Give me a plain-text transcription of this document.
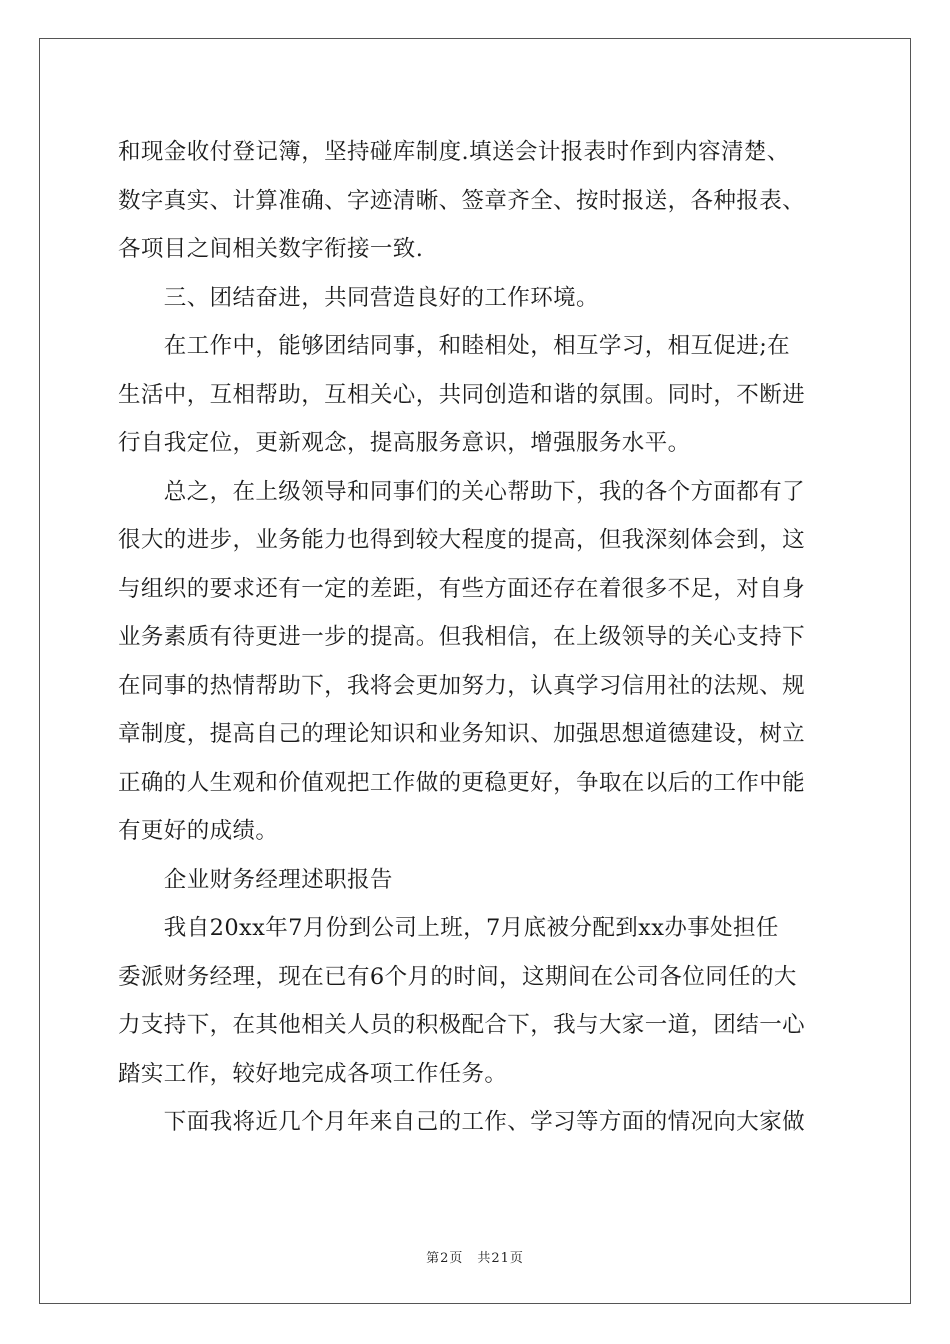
和现金收付登记簿，坚持碰库制度.填送会计报表时作到内容清楚、
数字真实、计算准确、字迹清晰、签章齐全、按时报送，各种报表、
各项目之间相关数字衔接一致.
　　三、团结奋进，共同营造良好的工作环境。
　　在工作中，能够团结同事，和睦相处，相互学习，相互促进;在
生活中，互相帮助，互相关心，共同创造和谐的氛围。同时，不断进
行自我定位，更新观念，提高服务意识，增强服务水平。
　　总之，在上级领导和同事们的关心帮助下，我的各个方面都有了
很大的进步，业务能力也得到较大程度的提高，但我深刻体会到，这
与组织的要求还有一定的差距，有些方面还存在着很多不足，对自身
业务素质有待更进一步的提高。但我相信，在上级领导的关心支持下
在同事的热情帮助下，我将会更加努力，认真学习信用社的法规、规
章制度，提高自己的理论知识和业务知识、加强思想道德建设，树立
正确的人生观和价值观把工作做的更稳更好，争取在以后的工作中能
有更好的成绩。
　　企业财务经理述职报告
　　我自20xx年7月份到公司上班，7月底被分配到xx办事处担任
委派财务经理，现在已有6个月的时间，这期间在公司各位同任的大
力支持下，在其他相关人员的积极配合下，我与大家一道，团结一心
踏实工作，较好地完成各项工作任务。
　　下面我将近几个月年来自己的工作、学习等方面的情况向大家做
第2页　共21页
